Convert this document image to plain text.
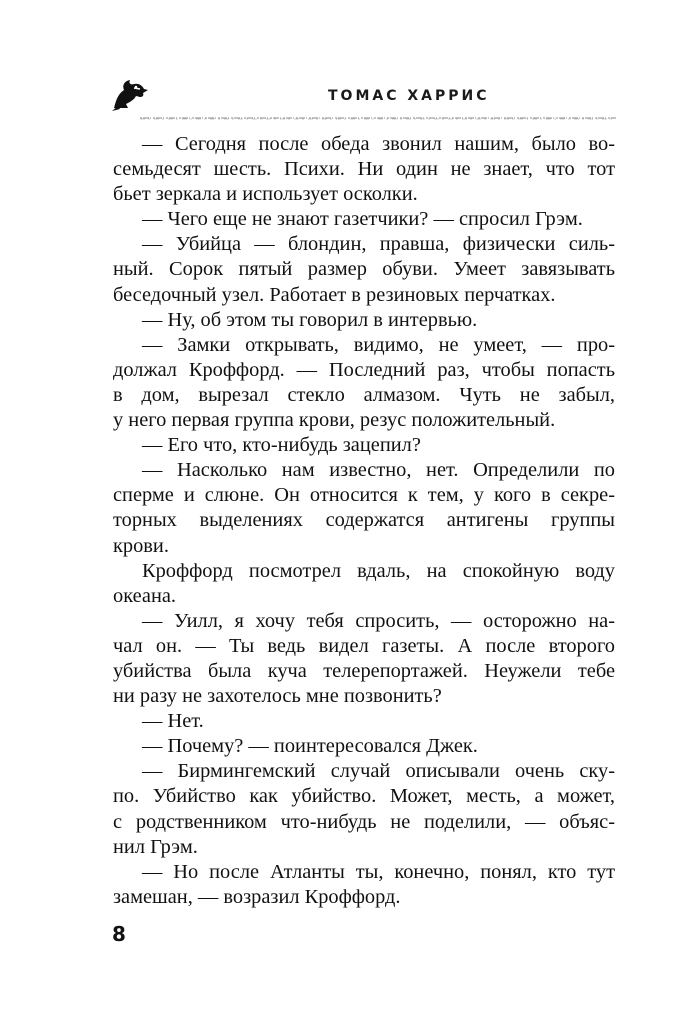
ТОМАС ХАРРИС

— Сегодня после обеда звонил нашим, было во-
семьдесят шесть. Психи. Ни один не знает, что тот
бьет зеркала и использует осколки.

— Чего еще не знают газетчики? — спросил Грэм.

— Убийца — блондин, правша, физически силь-
ный. Сорок пятый размер обуви. Умеет завязывать
беседочный узел. Работает в резиновых перчатках.

— Ну, об этом ты говорил в интервью.

— Замки открывать, видимо, не умеет, — про-
должал Кроффорд. — Последний раз, чтобы попасть
в дом, вырезал стекло алмазом. Чуть не забыл,
у него первая группа крови, резус положительный.

— Его что, кто-нибудь зацепил?

— Насколько нам известно, нет. Определили по
сперме и слюне. Он относится к тем, у кого в секре-
торных выделениях содержатся антигены группы
крови.

Кроффорд посмотрел вдаль, на спокойную воду
океана.

— Уилл, я хочу тебя спросить, — осторожно на-
чал он. — Ты ведь видел газеты. А после второго
убийства была куча телерепортажей. Неужели тебе
ни разу не захотелось мне позвонить?

— Нет.

— Почему? — поинтересовался Джек.

— Бирмингемский случай описывали очень ску-
по. Убийство как убийство. Может, месть, а может,
с родственником что-нибудь не поделили, — объяс-
нил Грэм.

— Но после Атланты ты, конечно, понял, кто тут
замешан, — возразил Кроффорд.

8
